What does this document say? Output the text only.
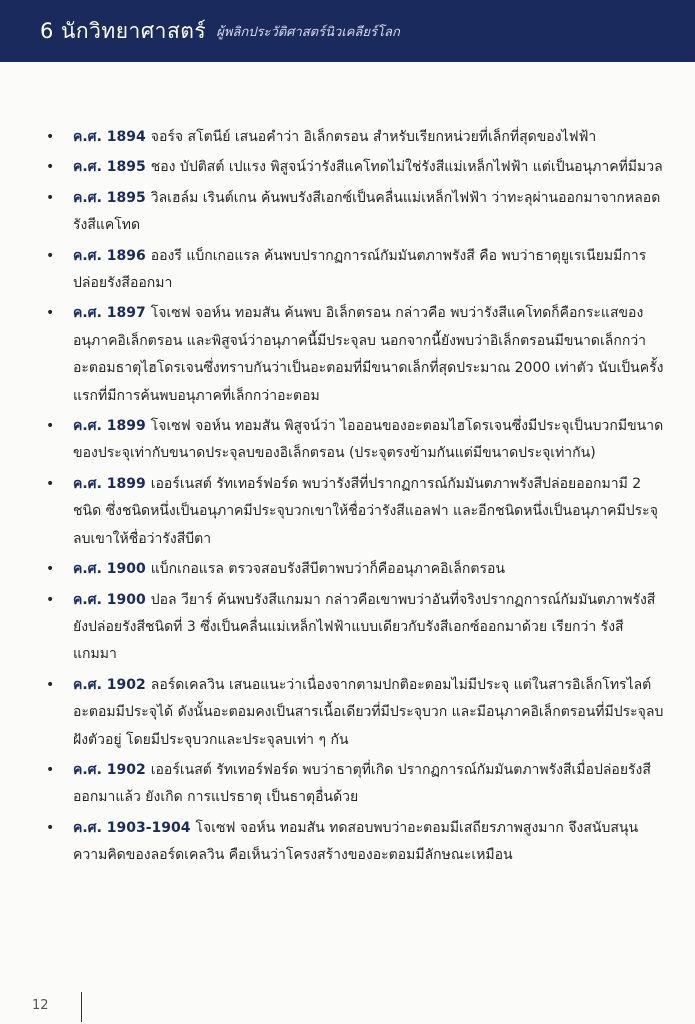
6 นักวิทยาศาสตร์ ผู้พลิกประวัติศาสตร์นิวเคลียร์โลก
• ค.ศ. 1894 จอร์จ สโตนีย์ เสนอคำว่า อิเล็กตรอน สำหรับเรียกหน่วยที่เล็กที่สุดของไฟฟ้า
• ค.ศ. 1895 ชอง บัปติสต์ เปแรง พิสูจน์ว่ารังสีแคโทดไม่ใช่รังสีแม่เหล็กไฟฟ้า แต่เป็นอนุภาคที่มีมวล
• ค.ศ. 1895 วิลเฮล์ม เรินต์เกน ค้นพบรังสีเอกซ์เป็นคลื่นแม่เหล็กไฟฟ้า ว่าทะลุผ่านออกมาจากหลอดรังสีแคโทด
• ค.ศ. 1896 อองรี แบ็กเกอแรล ค้นพบปรากฏการณ์กัมมันตภาพรังสี คือ พบว่าธาตุยูเรเนียมมีการปล่อยรังสีออกมา
• ค.ศ. 1897 โจเซฟ จอห์น ทอมสัน ค้นพบ อิเล็กตรอน กล่าวคือ พบว่ารังสีแคโทดก็คือกระแสของอนุภาคอิเล็กตรอน และพิสูจน์ว่าอนุภาคนี้มีประจุลบ นอกจากนี้ยังพบว่าอิเล็กตรอนมีขนาดเล็กกว่าอะตอมธาตุไฮโดรเจนซึ่งทราบกันว่าเป็นอะตอมที่มีขนาดเล็กที่สุดประมาณ 2000 เท่าตัว นับเป็นครั้งแรกที่มีการค้นพบอนุภาคที่เล็กกว่าอะตอม
• ค.ศ. 1899 โจเซฟ จอห์น ทอมสัน พิสูจน์ว่า ไอออนของอะตอมไฮโดรเจนซึ่งมีประจุเป็นบวกมีขนาดของประจุเท่ากับขนาดประจุลบของอิเล็กตรอน (ประจุตรงข้ามกันแต่มีขนาดประจุเท่ากัน)
• ค.ศ. 1899 เออร์เนสต์ รัทเทอร์ฟอร์ด พบว่ารังสีที่ปรากฏการณ์กัมมันตภาพรังสีปล่อยออกมามี 2 ชนิด ซึ่งชนิดหนึ่งเป็นอนุภาคมีประจุบวกเขาให้ชื่อว่ารังสีแอลฟา และอีกชนิดหนึ่งเป็นอนุภาคมีประจุลบเขาให้ชื่อว่ารังสีบีตา
• ค.ศ. 1900 แบ็กเกอแรล ตรวจสอบรังสีบีตาพบว่าก็คืออนุภาคอิเล็กตรอน
• ค.ศ. 1900 ปอล วียาร์ ค้นพบรังสีแกมมา กล่าวคือเขาพบว่าอันที่จริงปรากฏการณ์กัมมันตภาพรังสียังปล่อยรังสีชนิดที่ 3 ซึ่งเป็นคลื่นแม่เหล็กไฟฟ้าแบบเดียวกับรังสีเอกซ์ออกมาด้วย เรียกว่า รังสีแกมมา
• ค.ศ. 1902 ลอร์ดเคลวิน เสนอแนะว่าเนื่องจากตามปกติอะตอมไม่มีประจุ แต่ในสารอิเล็กโทรไลต์อะตอมมีประจุได้ ดังนั้นอะตอมคงเป็นสารเนื้อเดียวที่มีประจุบวก และมีอนุภาคอิเล็กตรอนที่มีประจุลบฝังตัวอยู่ โดยมีประจุบวกและประจุลบเท่า ๆ กัน
• ค.ศ. 1902 เออร์เนสต์ รัทเทอร์ฟอร์ด พบว่าธาตุที่เกิด ปรากฏการณ์กัมมันตภาพรังสีเมื่อปล่อยรังสีออกมาแล้ว ยังเกิด การแปรธาตุ เป็นธาตุอื่นด้วย
• ค.ศ. 1903-1904 โจเซฟ จอห์น ทอมสัน ทดสอบพบว่าอะตอมมีเสถียรภาพสูงมาก จึงสนับสนุนความคิดของลอร์ดเคลวิน คือเห็นว่าโครงสร้างของอะตอมมีลักษณะเหมือน
12
